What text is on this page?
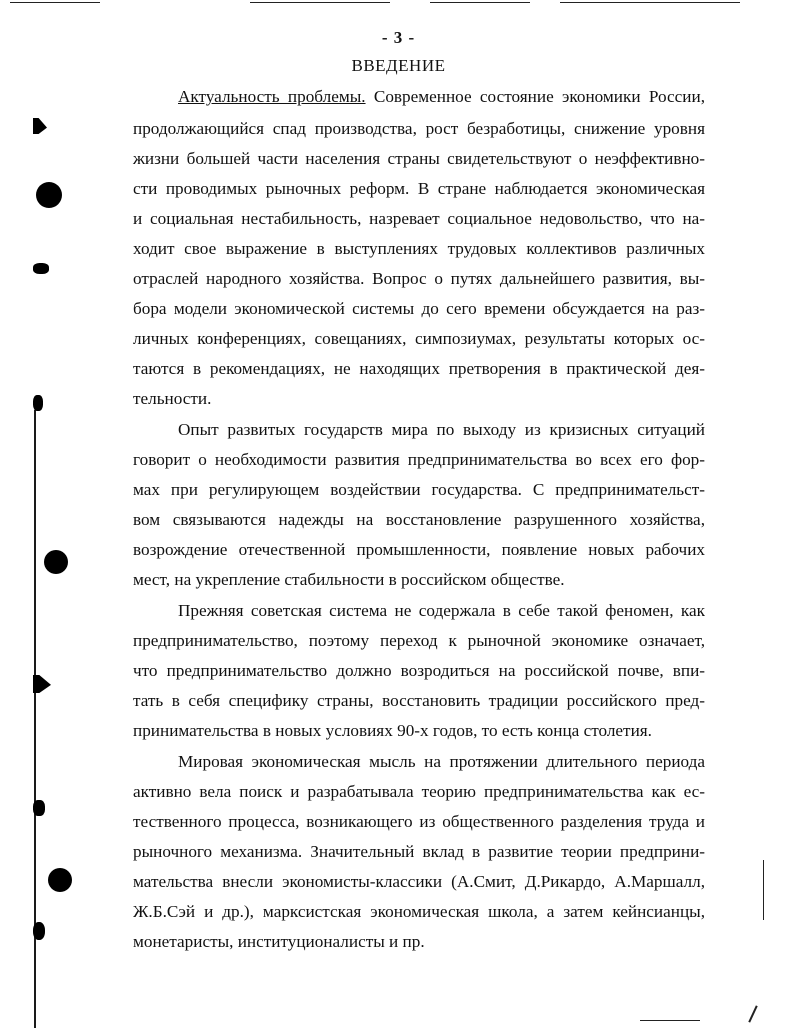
- 3 -
ВВЕДЕНИЕ
Актуальность проблемы. Современное состояние экономики России,
продолжающийся спад производства, рост безработицы, снижение уровня
жизни большей части населения страны свидетельствуют о неэффективно-
сти проводимых рыночных реформ. В стране наблюдается экономическая
и социальная нестабильность, назревает социальное недовольство, что на-
ходит свое выражение в выступлениях трудовых коллективов различных
отраслей народного хозяйства. Вопрос о путях дальнейшего развития, вы-
бора модели экономической системы до сего времени обсуждается на раз-
личных конференциях, совещаниях, симпозиумах, результаты которых ос-
таются в рекомендациях, не находящих претворения в практической дея-
тельности.
Опыт развитых государств мира по выходу из кризисных ситуаций
говорит о необходимости развития предпринимательства во всех его фор-
мах при регулирующем воздействии государства. С предпринимательст-
вом связываются надежды на восстановление разрушенного хозяйства,
возрождение отечественной промышленности, появление новых рабочих
мест, на укрепление стабильности в российском обществе.
Прежняя советская система не содержала в себе такой феномен, как
предпринимательство, поэтому переход к рыночной экономике означает,
что предпринимательство должно возродиться на российской почве, впи-
тать в себя специфику страны, восстановить традиции российского пред-
принимательства в новых условиях 90-х годов, то есть конца столетия.
Мировая экономическая мысль на протяжении длительного периода
активно вела поиск и разрабатывала теорию предпринимательства как ес-
тественного процесса, возникающего из общественного разделения труда и
рыночного механизма. Значительный вклад в развитие теории предприни-
мательства внесли экономисты-классики (А.Смит, Д.Рикардо, А.Маршалл,
Ж.Б.Сэй и др.), марксистская экономическая школа, а затем кейнсианцы,
монетаристы, институционалисты и пр.
